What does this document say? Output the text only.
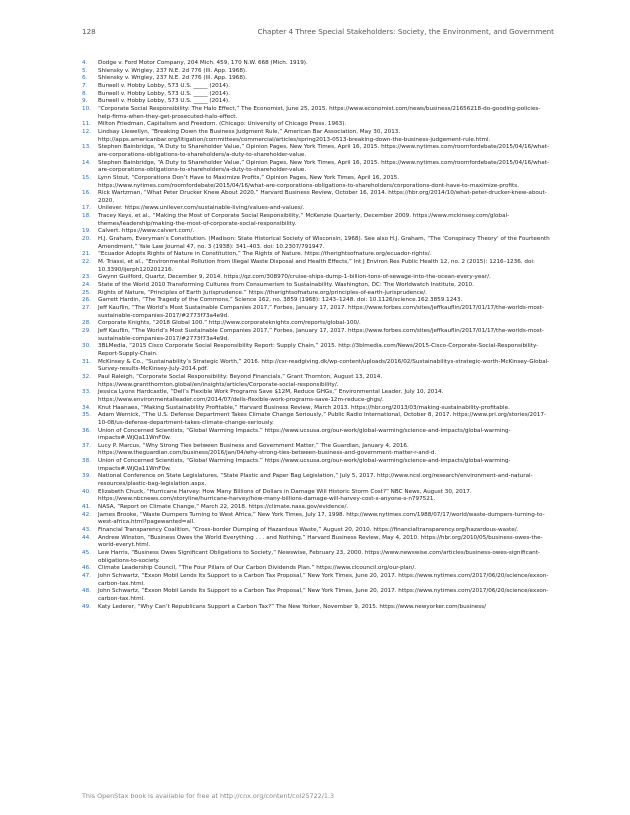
128	Chapter 4 Three Special Stakeholders: Society, the Environment, and Government
4. Dodge v. Ford Motor Company, 204 Mich. 459, 170 N.W. 668 (Mich. 1919).
5. Shlensky v. Wrigley, 237 N.E. 2d 776 (Ill. App. 1968).
6. Shlensky v. Wrigley, 237 N.E. 2d 776 (Ill. App. 1968).
7. Burwell v. Hobby Lobby, 573 U.S. _____ (2014).
8. Burwell v. Hobby Lobby, 573 U.S. _____ (2014).
9. Burwell v. Hobby Lobby, 573 U.S. _____ (2014).
10. “Corporate Social Responsibility: The Halo Effect,” The Economist, June 25, 2015. https://www.economist.com/news/business/21656218-do-gooding-policies-help-firms-when-they-get-prosecuted-halo-effect.
11. Milton Friedman, Capitalism and Freedom. (Chicago: University of Chicago Press. 1963).
12. Lindsay Llewellyn, “Breaking Down the Business Judgment Rule,” American Bar Association, May 30, 2013. http://apps.americanbar.org/litigation/committees/commercial/articles/spring2013-0513-breaking-down-the-business-judgement-rule.html.
13. Stephen Bainbridge, “A Duty to Shareholder Value,” Opinion Pages, New York Times, April 16, 2015. https://www.nytimes.com/roomfordebate/2015/04/16/what-are-corporations-obligations-to-shareholders/a-duty-to-shareholder-value.
14. Stephen Bainbridge, “A Duty to Shareholder Value,” Opinion Pages, New York Times, April 16, 2015. https://www.nytimes.com/roomfordebate/2015/04/16/what-are-corporations-obligations-to-shareholders/a-duty-to-shareholder-value.
15. Lynn Stout, “Corporations Don’t Have to Maximize Profits,” Opinion Pages, New York Times, April 16, 2015. https://www.nytimes.com/roomfordebate/2015/04/16/what-are-corporations-obligations-to-shareholders/corporations-dont-have-to-maximize-profits.
16. Rick Wartzman, “What Peter Drucker Knew About 2020,” Harvard Business Review, October 16, 2014. https://hbr.org/2014/10/what-peter-drucker-knew-about-2020.
17. Unilever. https://www.unilever.com/sustainable-living/values-and-values/.
18. Tracey Keys, et al., “Making the Most of Corporate Social Responsibility,” McKenzie Quarterly, December 2009. https://www.mckinsey.com/global-themes/leadership/making-the-most-of-corporate-social-responsibility.
19. Calvert. https://www.calvert.com/.
20. H.J. Graham, Everyman’s Constitution. (Madison: State Historical Society of Wisconsin, 1968). See also H.J. Graham, “The ‘Conspiracy Theory’ of the Fourteenth Amendment,” Yale Law Journal 47, no. 3 (1938): 341–403. doi: 10.2307/791947.
21. “Ecuador Adopts Rights of Nature in Constitution,” The Rights of Nature. https://therightsofnature.org/ecuador-rights/.
22. M. Triassi, et al., “Environmental Pollution from Illegal Waste Disposal and Health Effects,” Int J Environ Res Public Health 12, no. 2 (2015): 1216–1236. doi: 10.3390/ijerph120201216.
23. Gwynn Guilford, Quartz, December 9, 2014. https://qz.com/308970/cruise-ships-dump-1-billion-tons-of-sewage-into-the-ocean-every-year/.
24. State of the World 2010 Transforming Cultures from Consumerism to Sustainability. Washington, DC: The Worldwatch Institute, 2010.
25. Rights of Nature, “Principles of Earth Jurisprudence.” https://therightsofnature.org/principles-of-earth-jurisprudence/.
26. Garrett Hardin, “The Tragedy of the Commons,” Science 162, no. 3859 (1968): 1243–1248. doi: 10.1126/science.162.3859.1243.
27. Jeff Kauflin, “The World’s Most Sustainable Companies 2017,” Forbes, January 17, 2017. https://www.forbes.com/sites/jeffkauflin/2017/01/17/the-worlds-most-sustainable-companies-2017/#2773f73a4e9d.
28. Corporate Knights, “2018 Global 100.” http://www.corporateknights.com/reports/global-100/.
29. Jeff Kauflin, “The World’s Most Sustainable Companies 2017,” Forbes, January 17, 2017. https://www.forbes.com/sites/jeffkauflin/2017/01/17/the-worlds-most-sustainable-companies-2017/#2773f73a4e9d.
30. 3BLMedia, “2015 Cisco Corporate Social Responsibility Report: Supply Chain,” 2015. http://3blmedia.com/News/2015-Cisco-Corporate-Social-Responsibility-Report-Supply-Chain.
31. McKinsey & Co., “Sustainability’s Strategic Worth,” 2016. http://csr-readgiving.dk/wp-content/uploads/2016/02/Sustainabilitys-strategic-worth-McKinsey-Global-Survey-results-McKinsey-July-2014.pdf.
32. Paul Raleigh, “Corporate Social Responsibility: Beyond Financials,” Grant Thornton, August 13, 2014. https://www.grantthornton.global/en/insights/articles/Corporate-social-responsibility/.
33. Jessica Lyons Hardcastle, “Dell’s Flexible Work Programs Save $12M, Reduce GHGs,” Environmental Leader, July 10, 2014. https://www.environmentalleader.com/2014/07/dells-flexible-work-programs-save-12m-reduce-ghgs/.
34. Knut Haanaes, “Making Sustainability Profitable,” Harvard Business Review, March 2013. https://hbr.org/2013/03/making-sustainability-profitable.
35. Adam Wernick, “The U.S. Defense Department Takes Climate Change Seriously,” Public Radio International, October 8, 2017. https://www.pri.org/stories/2017-10-08/us-defense-department-takes-climate-change-seriously.
36. Union of Concerned Scientists, “Global Warming Impacts.” https://www.ucsusa.org/our-work/global-warming/science-and-impacts/global-warming-impacts#.WjQa11WnF0w.
37. Lucy P. Marcus, “Why Strong Ties between Business and Government Matter,” The Guardian, January 4, 2016. https://www.theguardian.com/business/2016/jan/04/why-strong-ties-between-business-and-government-matter-r-and-d.
38. Union of Concerned Scientists, “Global Warming Impacts.” https://www.ucsusa.org/our-work/global-warming/science-and-impacts/global-warming-impacts#.WjQa11WnF0w.
39. National Conference on State Legislatures, “State Plastic and Paper Bag Legislation,” July 5, 2017. http://www.ncsl.org/research/environment-and-natural-resources/plastic-bag-legislation.aspx.
40. Elizabeth Chuck, “Hurricane Harvey: How Many Billions of Dollars in Damage Will Historic Storm Cost?” NBC News, August 30, 2017. https://www.nbcnews.com/storyline/hurricane-harvey/how-many-billions-damage-will-harvey-cost-s-anyone-s-n797521.
41. NASA, “Report on Climate Change,” March 22, 2018. https://climate.nasa.gov/evidence/.
42. James Brooke, “Waste Dumpers Turning to West Africa,” New York Times, July 17, 1998. http://www.nytimes.com/1988/07/17/world/waste-dumpers-turning-to-west-africa.html?pagewanted=all.
43. Financial Transparency Coalition, “Cross-border Dumping of Hazardous Waste,” August 20, 2010. https://financialtransparency.org/hazardous-waste/.
44. Andrew Winston, “Business Owes the World Everything . . . and Nothing,” Harvard Business Review, May 4, 2010. https://hbr.org/2010/05/business-owes-the-world-everyt.html.
45. Lew Harris, “Business Owes Significant Obligations to Society,” Newswise, February 23, 2000. https://www.newswise.com/articles/business-owes-significant-obligations-to-society.
46. Climate Leadership Council, “The Four Pillars of Our Carbon Dividends Plan.” https://www.clcouncil.org/our-plan/.
47. John Schwartz, “Exxon Mobil Lends Its Support to a Carbon Tax Proposal,” New York Times, June 20, 2017. https://www.nytimes.com/2017/06/20/science/exxon-carbon-tax.html.
48. John Schwartz, “Exxon Mobil Lends Its Support to a Carbon Tax Proposal,” New York Times, June 20, 2017. https://www.nytimes.com/2017/06/20/science/exxon-carbon-tax.html.
49. Katy Lederer, “Why Can’t Republicans Support a Carbon Tax?” The New Yorker, November 9, 2015. https://www.newyorker.com/business/
This OpenStax book is available for free at http://cnx.org/content/col25722/1.3
